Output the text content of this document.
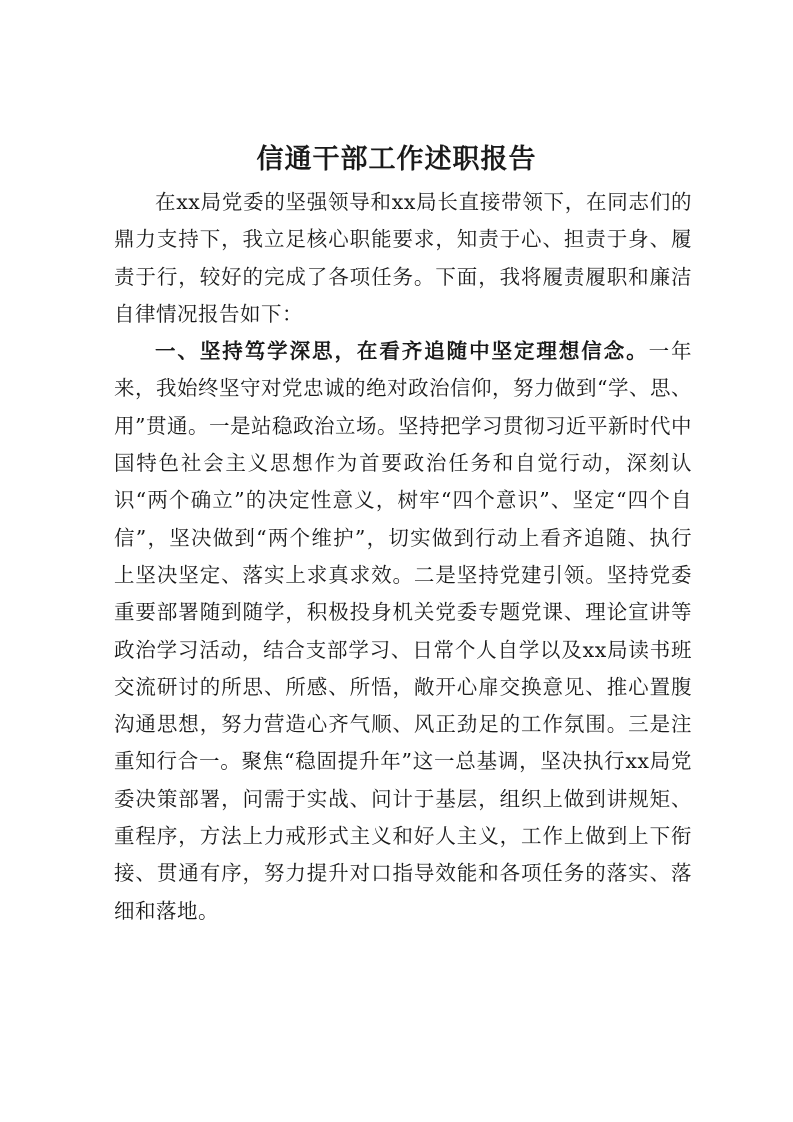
信通干部工作述职报告

在xx局党委的坚强领导和xx局长直接带领下，在同志们的鼎力支持下，我立足核心职能要求，知责于心、担责于身、履责于行，较好的完成了各项任务。下面，我将履责履职和廉洁自律情况报告如下：

一、坚持笃学深思，在看齐追随中坚定理想信念。一年来，我始终坚守对党忠诚的绝对政治信仰，努力做到“学、思、用”贯通。一是站稳政治立场。坚持把学习贯彻习近平新时代中国特色社会主义思想作为首要政治任务和自觉行动，深刻认识“两个确立”的决定性意义，树牢“四个意识”、坚定“四个自信”，坚决做到“两个维护”，切实做到行动上看齐追随、执行上坚决坚定、落实上求真求效。二是坚持党建引领。坚持党委重要部署随到随学，积极投身机关党委专题党课、理论宣讲等政治学习活动，结合支部学习、日常个人自学以及xx局读书班交流研讨的所思、所感、所悟，敞开心扉交换意见、推心置腹沟通思想，努力营造心齐气顺、风正劲足的工作氛围。三是注重知行合一。聚焦“稳固提升年”这一总基调，坚决执行xx局党委决策部署，问需于实战、问计于基层，组织上做到讲规矩、重程序，方法上力戒形式主义和好人主义，工作上做到上下衔接、贯通有序，努力提升对口指导效能和各项任务的落实、落细和落地。
